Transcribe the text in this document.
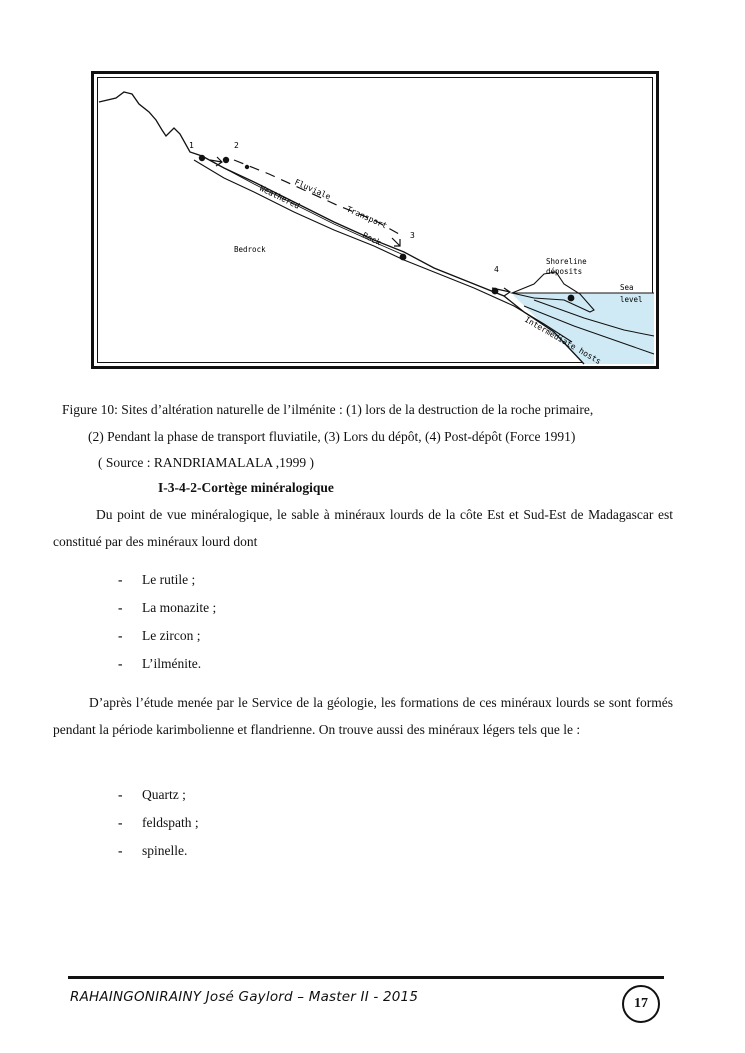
1	2
3
4
Fluviale
Transport
Weathered
Rock
Bedrock
Shoreline
déposits
Sea
level
Intermediate hosts
Figure 10: Sites d’altération naturelle de l’ilménite : (1) lors de la destruction de la roche primaire,
(2) Pendant la phase de transport fluviatile, (3) Lors du dépôt, (4) Post-dépôt (Force 1991)
( Source : RANDRIAMALALA ,1999 )
I-3-4-2-Cortège minéralogique

Du point de vue minéralogique, le sable à minéraux lourds de la côte Est et Sud-Est de Madagascar est constitué par des minéraux lourd dont

- Le rutile ;
- La monazite ;
- Le zircon ;
- L’ilménite.

D’après l’étude menée par le Service de la géologie, les formations de ces minéraux lourds se sont formés pendant la période karimbolienne et flandrienne. On trouve aussi des minéraux légers tels que le :

- Quartz ;
- feldspath ;
- spinelle.
RAHAINGONIRAINY José Gaylord – Master II - 2015	17
